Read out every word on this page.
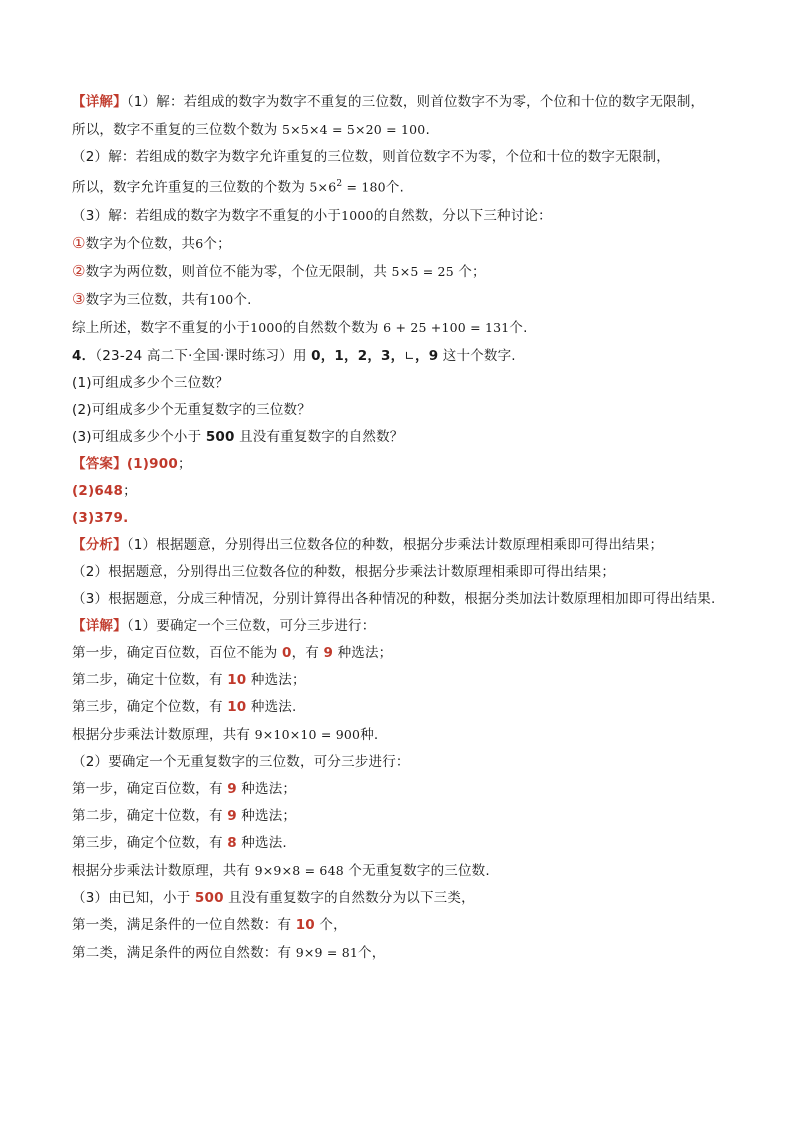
【详解】（1）解：若组成的数字为数字不重复的三位数，则首位数字不为零，个位和十位的数字无限制，
所以，数字不重复的三位数个数为 5×5×4 = 5×20 = 100.
（2）解：若组成的数字为数字允许重复的三位数，则首位数字不为零，个位和十位的数字无限制，
所以，数字允许重复的三位数的个数为 $5\times 6^2 = 180$个.
（3）解：若组成的数字为数字不重复的小于1000的自然数，分以下三种讨论：
①数字为个位数，共6个；
②数字为两位数，则首位不能为零，个位无限制，共 5×5 = 25 个；
③数字为三位数，共有100个.
综上所述，数字不重复的小于1000的自然数个数为 6 + 25 +100 = 131个.
4．（23-24 高二下·全国·课时练习）用 0，1，2，3，∟，9 这十个数字.
(1)可组成多少个三位数？
(2)可组成多少个无重复数字的三位数？
(3)可组成多少个小于 500 且没有重复数字的自然数？
【答案】(1)900；
(2)648；
(3)379.
【分析】（1）根据题意，分别得出三位数各位的种数，根据分步乘法计数原理相乘即可得出结果；
（2）根据题意，分别得出三位数各位的种数，根据分步乘法计数原理相乘即可得出结果；
（3）根据题意，分成三种情况，分别计算得出各种情况的种数，根据分类加法计数原理相加即可得出结果.
【详解】（1）要确定一个三位数，可分三步进行：
第一步，确定百位数，百位不能为 0，有 9 种选法；
第二步，确定十位数，有 10 种选法；
第三步，确定个位数，有 10 种选法.
根据分步乘法计数原理，共有 9×10×10 = 900种.
（2）要确定一个无重复数字的三位数，可分三步进行：
第一步，确定百位数，有 9 种选法；
第二步，确定十位数，有 9 种选法；
第三步，确定个位数，有 8 种选法.
根据分步乘法计数原理，共有 9×9×8 = 648 个无重复数字的三位数.
（3）由已知，小于 500 且没有重复数字的自然数分为以下三类，
第一类，满足条件的一位自然数：有 10 个，
第二类，满足条件的两位自然数：有 9×9 = 81个，
